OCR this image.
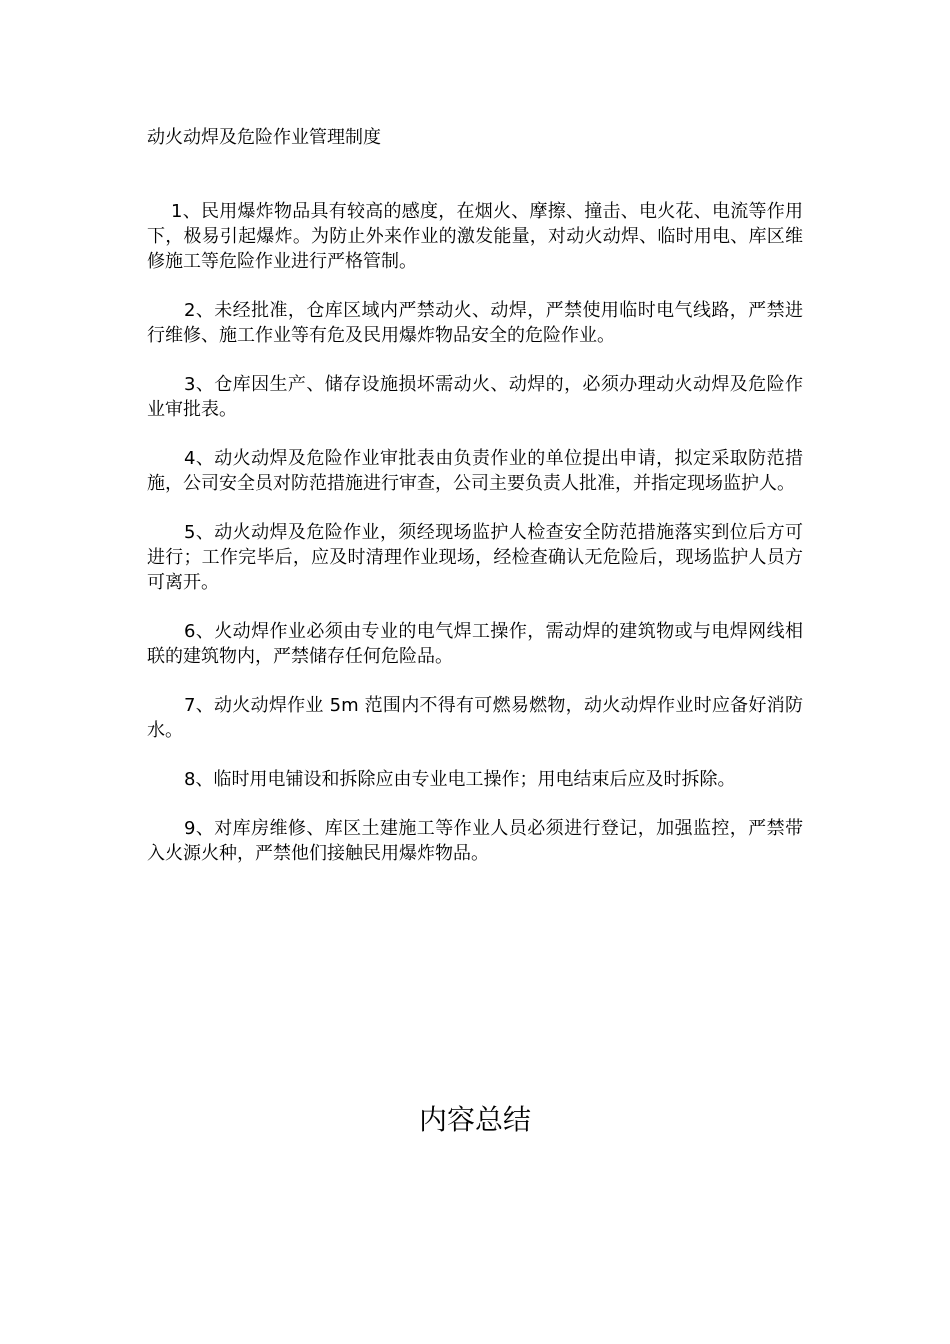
动火动焊及危险作业管理制度

1、民用爆炸物品具有较高的感度，在烟火、摩擦、撞击、电火花、电流等作用下，极易引起爆炸。为防止外来作业的激发能量，对动火动焊、临时用电、库区维修施工等危险作业进行严格管制。

2、未经批准，仓库区域内严禁动火、动焊，严禁使用临时电气线路，严禁进行维修、施工作业等有危及民用爆炸物品安全的危险作业。

3、仓库因生产、储存设施损坏需动火、动焊的，必须办理动火动焊及危险作业审批表。

4、动火动焊及危险作业审批表由负责作业的单位提出申请，拟定采取防范措施，公司安全员对防范措施进行审查，公司主要负责人批准，并指定现场监护人。

5、动火动焊及危险作业，须经现场监护人检查安全防范措施落实到位后方可进行；工作完毕后，应及时清理作业现场，经检查确认无危险后，现场监护人员方可离开。

6、火动焊作业必须由专业的电气焊工操作，需动焊的建筑物或与电焊网线相联的建筑物内，严禁储存任何危险品。

7、动火动焊作业 5m 范围内不得有可燃易燃物，动火动焊作业时应备好消防水。

8、临时用电铺设和拆除应由专业电工操作；用电结束后应及时拆除。

9、对库房维修、库区土建施工等作业人员必须进行登记，加强监控，严禁带入火源火种，严禁他们接触民用爆炸物品。

内容总结
